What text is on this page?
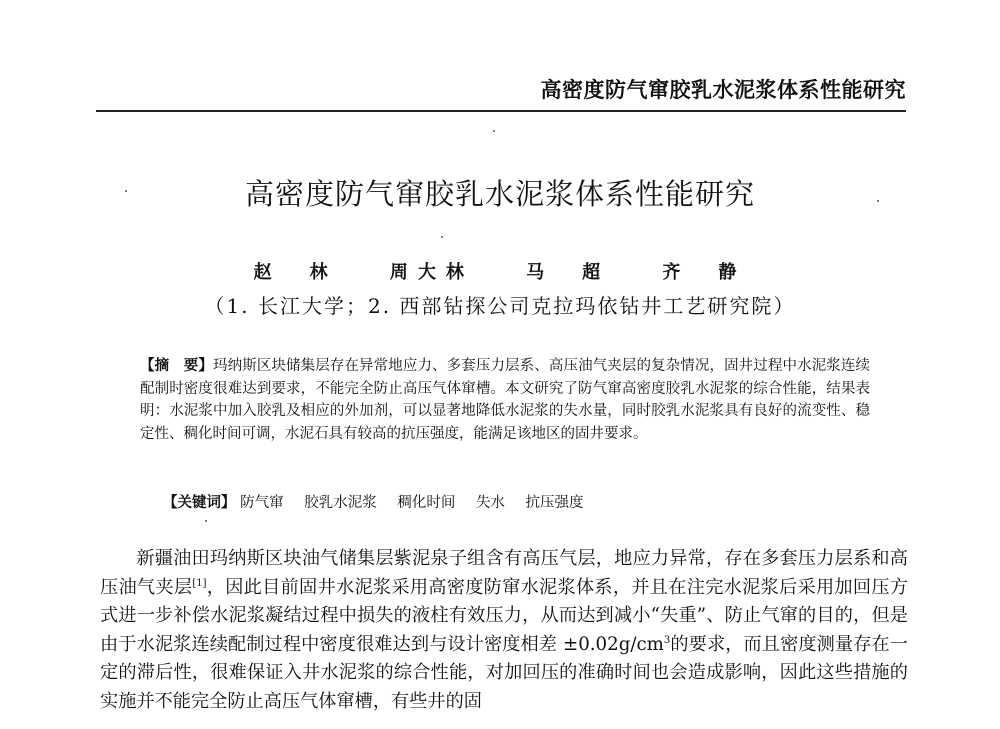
高密度防气窜胶乳水泥浆体系性能研究
高密度防气窜胶乳水泥浆体系性能研究
赵　林	周大林	马　超	齐　静
（1. 长江大学；2. 西部钻探公司克拉玛依钻井工艺研究院）
【摘　要】玛纳斯区块储集层存在异常地应力、多套压力层系、高压油气夹层的复杂情况，固井过程中水泥浆连续配制时密度很难达到要求，不能完全防止高压气体窜槽。本文研究了防气窜高密度胶乳水泥浆的综合性能，结果表明：水泥浆中加入胶乳及相应的外加剂，可以显著地降低水泥浆的失水量，同时胶乳水泥浆具有良好的流变性、稳定性、稠化时间可调，水泥石具有较高的抗压强度，能满足该地区的固井要求。
【关键词】 防气窜 胶乳水泥浆 稠化时间 失水 抗压强度

新疆油田玛纳斯区块油气储集层紫泥泉子组含有高压气层，地应力异常，存在多套压力层系和高压油气夹层[1]，因此目前固井水泥浆采用高密度防窜水泥浆体系，并且在注完水泥浆后采用加回压方式进一步补偿水泥浆凝结过程中损失的液柱有效压力，从而达到减小“失重”、防止气窜的目的，但是由于水泥浆连续配制过程中密度很难达到与设计密度相差 $\pm 0.02g/cm^3$的要求，而且密度测量存在一定的滞后性，很难保证入井水泥浆的综合性能，对加回压的准确时间也会造成影响，因此这些措施的实施并不能完全防止高压气体窜槽，有些井的固
